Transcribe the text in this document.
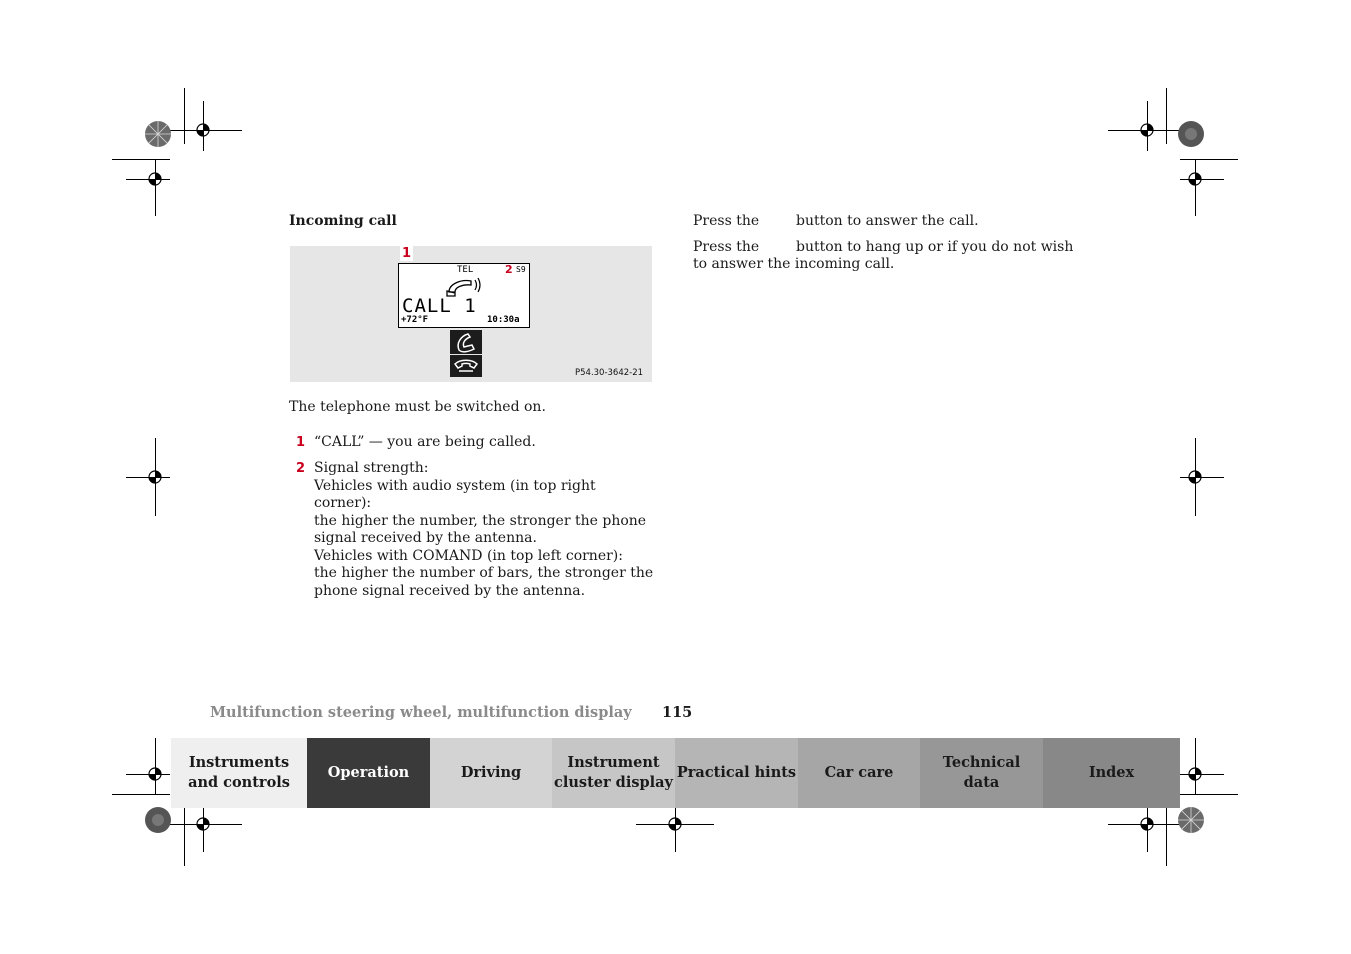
Incoming call
1
TEL	2 S9
CALL 1
+72°F	10:30a
P54.30-3642-21
The telephone must be switched on.
1 “CALL” — you are being called.
2 Signal strength:
Vehicles with audio system (in top right corner):
the higher the number, the stronger the phone
signal received by the antenna.
Vehicles with COMAND (in top left corner):
the higher the number of bars, the stronger the
phone signal received by the antenna.
Press the	button to answer the call.
Press the	button to hang up or if you do not wish
to answer the incoming call.
Multifunction steering wheel, multifunction display 115
Instruments
and controls
Operation	Driving
Instrument
cluster display
Practical hints Car care
Technical
data
Index
